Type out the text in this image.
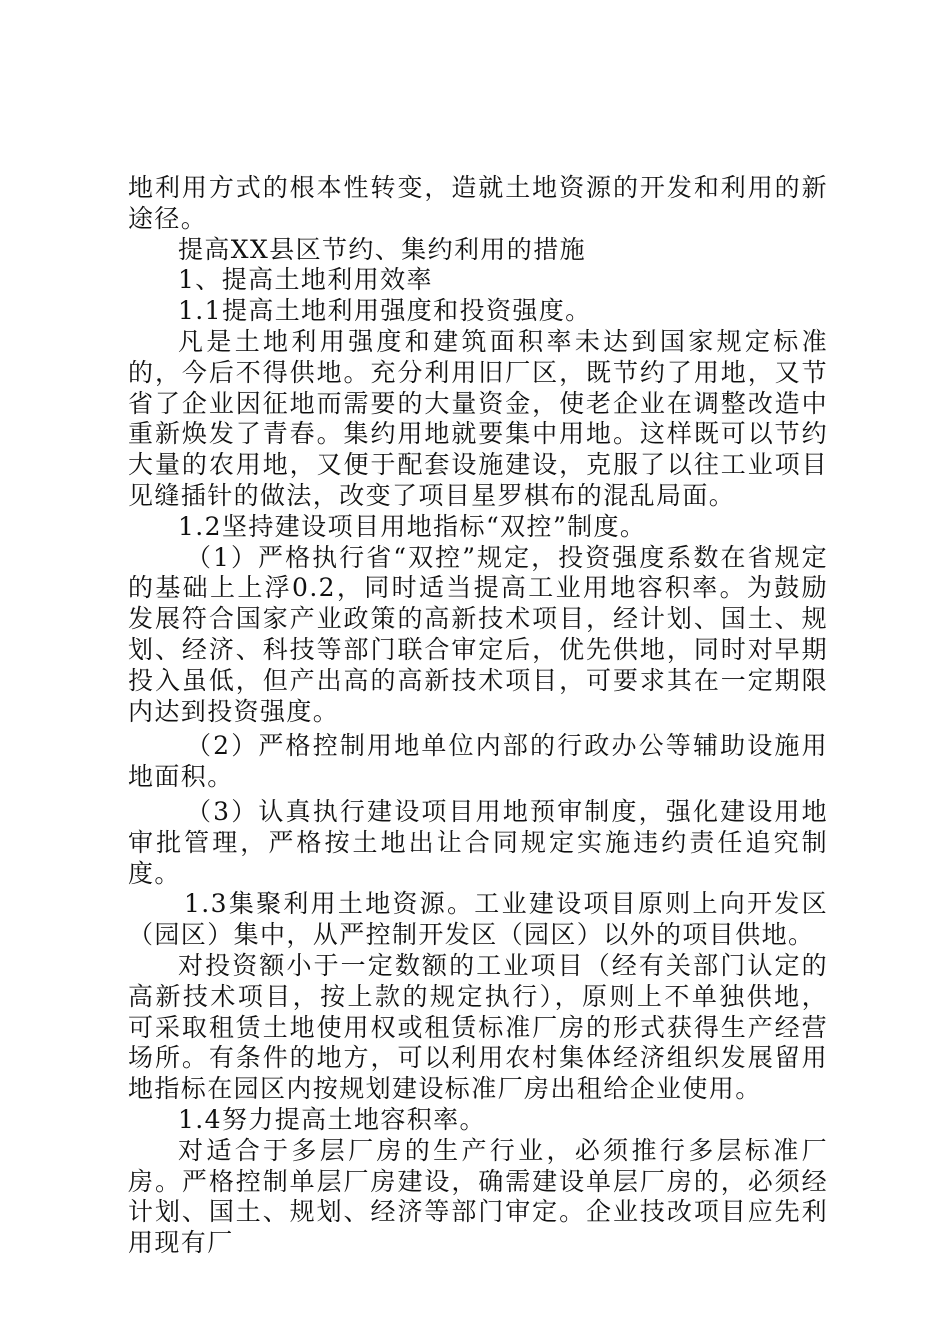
地利用方式的根本性转变，造就土地资源的开发和利用的新途径。

提高XX县区节约、集约利用的措施

1、提高土地利用效率

1.1提高土地利用强度和投资强度。

凡是土地利用强度和建筑面积率未达到国家规定标准的，今后不得供地。充分利用旧厂区，既节约了用地，又节省了企业因征地而需要的大量资金，使老企业在调整改造中重新焕发了青春。集约用地就要集中用地。这样既可以节约大量的农用地，又便于配套设施建设，克服了以往工业项目见缝插针的做法，改变了项目星罗棋布的混乱局面。

1.2坚持建设项目用地指标“双控”制度。

（1）严格执行省“双控”规定，投资强度系数在省规定的基础上上浮0.2，同时适当提高工业用地容积率。为鼓励发展符合国家产业政策的高新技术项目，经计划、国土、规划、经济、科技等部门联合审定后，优先供地，同时对早期投入虽低，但产出高的高新技术项目，可要求其在一定期限内达到投资强度。

（2）严格控制用地单位内部的行政办公等辅助设施用地面积。

（3）认真执行建设项目用地预审制度，强化建设用地审批管理，严格按土地出让合同规定实施违约责任追究制度。

1.3集聚利用土地资源。工业建设项目原则上向开发区（园区）集中，从严控制开发区（园区）以外的项目供地。

对投资额小于一定数额的工业项目（经有关部门认定的高新技术项目，按上款的规定执行），原则上不单独供地，可采取租赁土地使用权或租赁标准厂房的形式获得生产经营场所。有条件的地方，可以利用农村集体经济组织发展留用地指标在园区内按规划建设标准厂房出租给企业使用。

1.4努力提高土地容积率。

对适合于多层厂房的生产行业，必须推行多层标准厂房。严格控制单层厂房建设，确需建设单层厂房的，必须经计划、国土、规划、经济等部门审定。企业技改项目应先利用现有厂
